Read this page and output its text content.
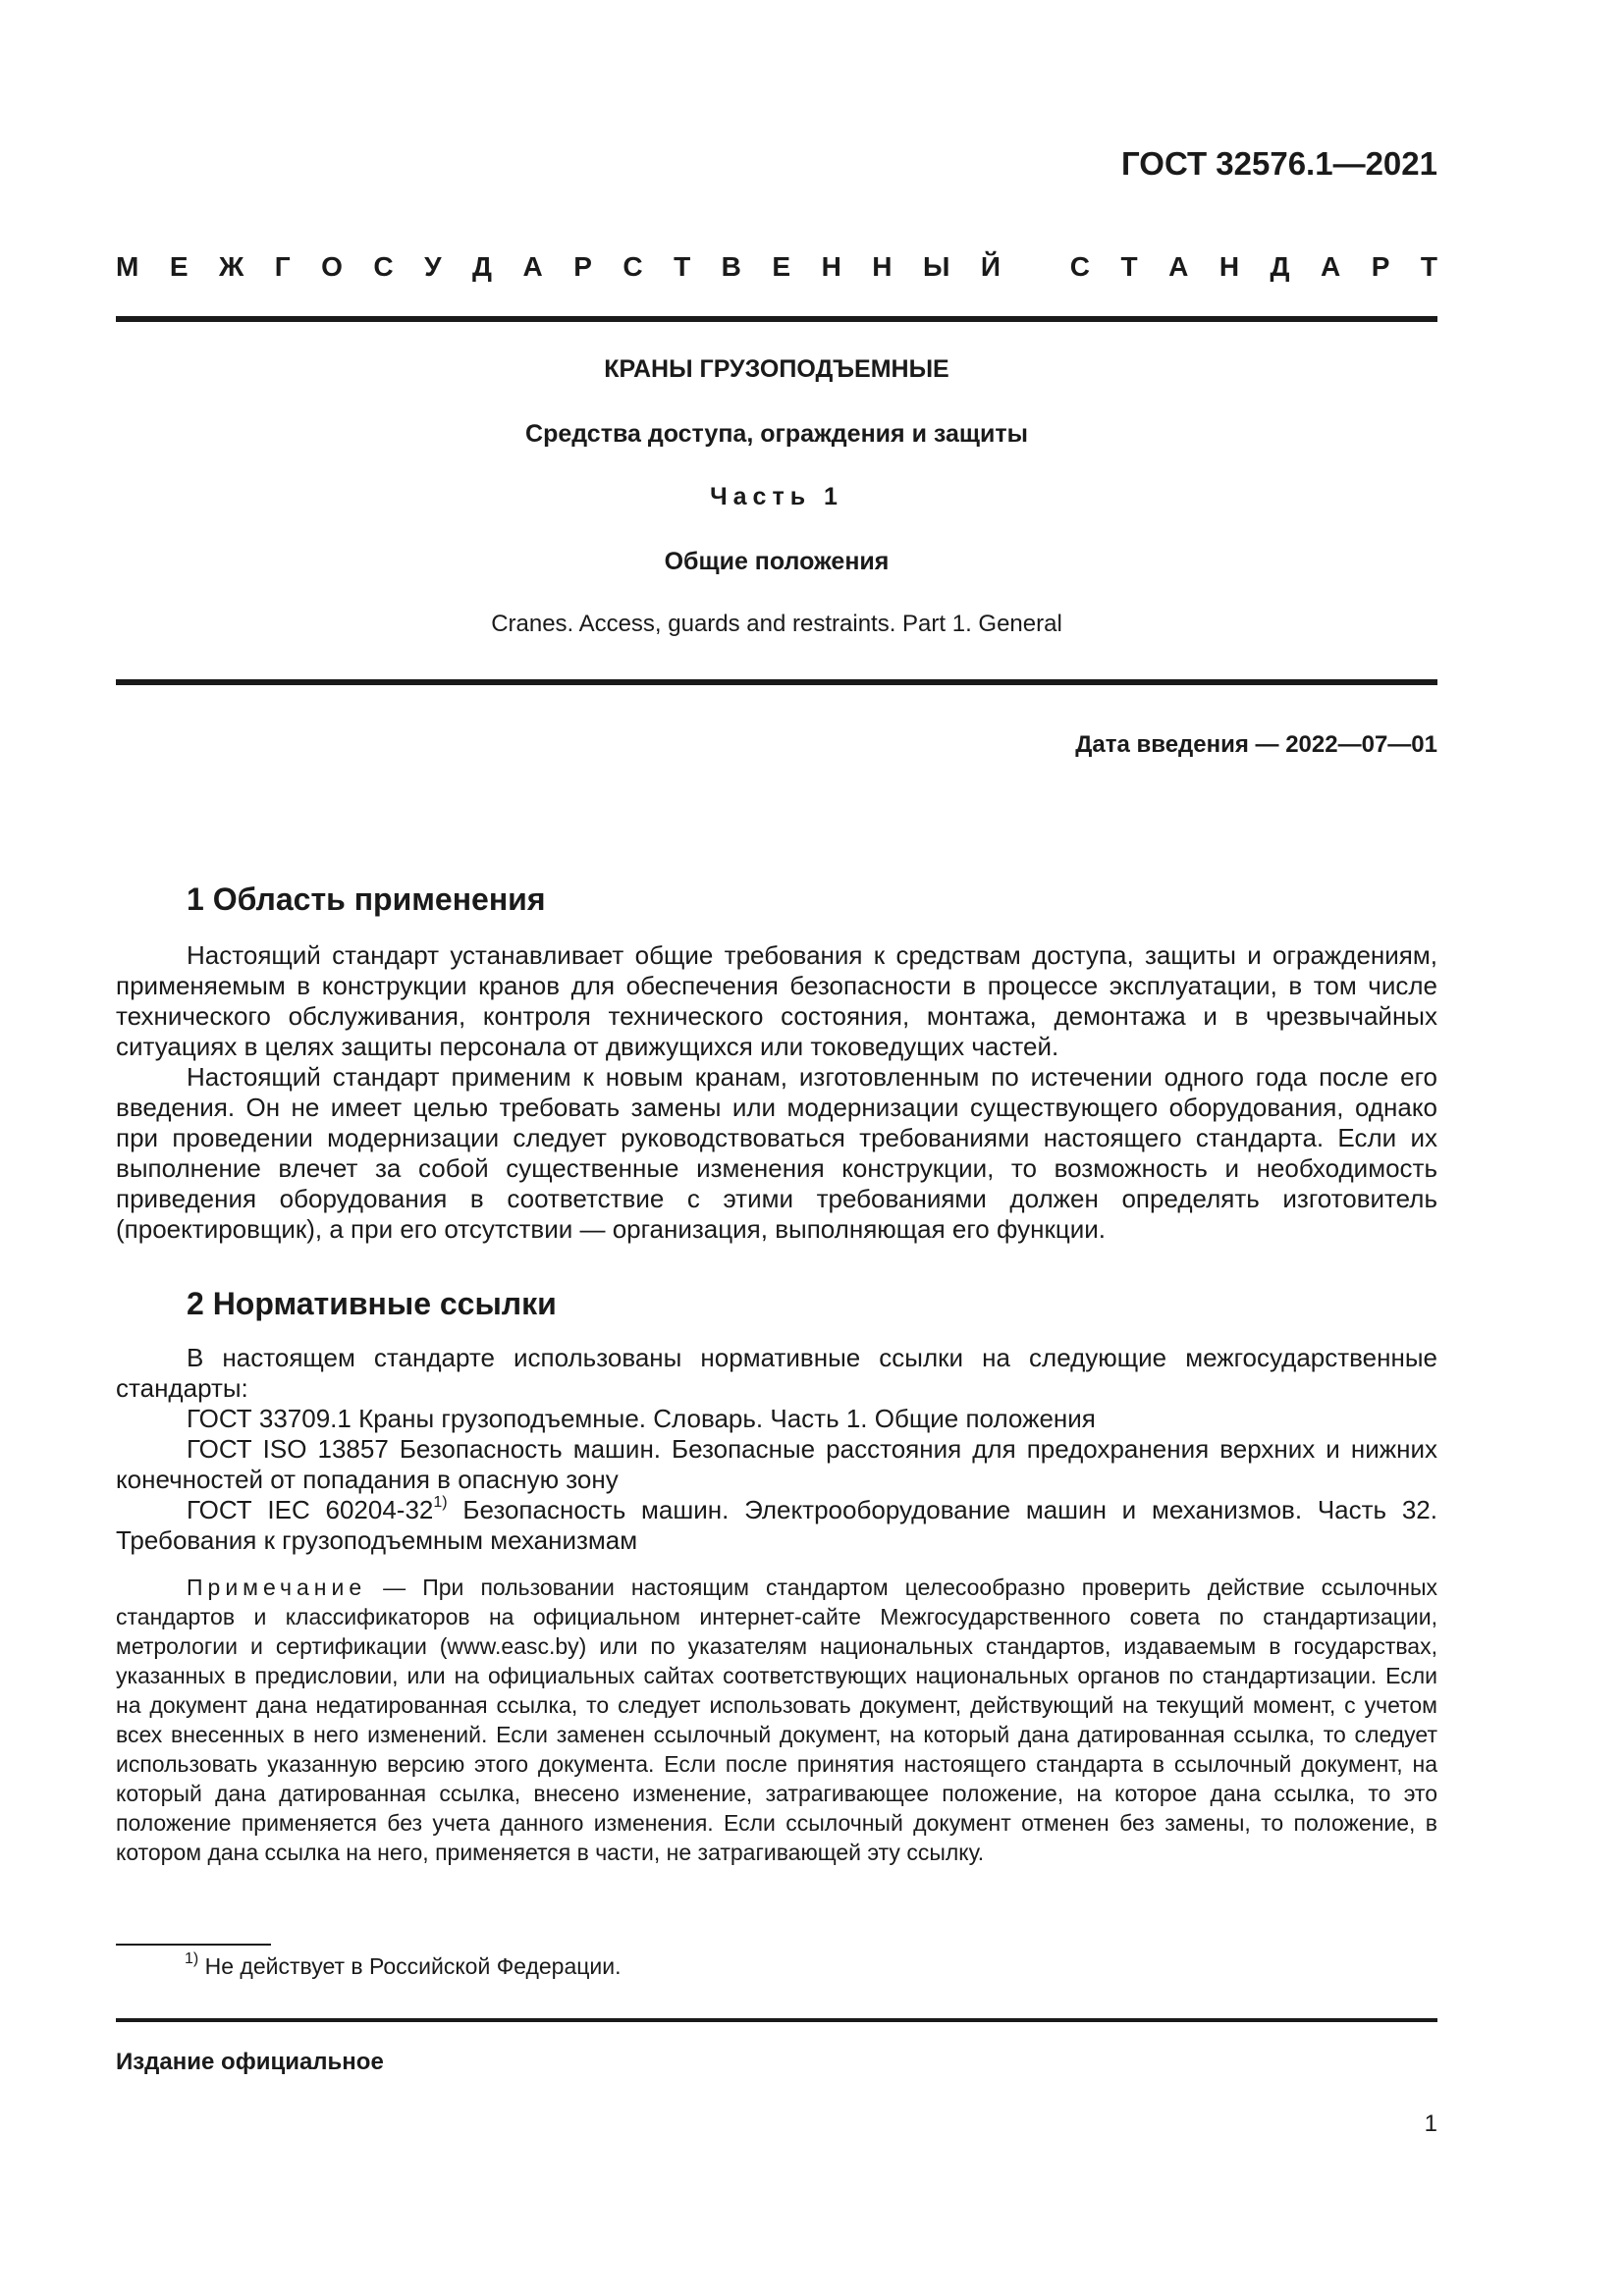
ГОСТ 32576.1—2021
М Е Ж Г О С У Д А Р С Т В Е Н Н Ы Й
	С Т А Н Д А Р Т
КРАНЫ ГРУЗОПОДЪЕМНЫЕ
Средства доступа, ограждения и защиты
Часть 1
Общие положения
Cranes. Access, guards and restraints. Part 1. General
Дата введения — 2022—07—01
1 Область применения

Настоящий стандарт устанавливает общие требования к средствам доступа, защиты и ограждениям, применяемым в конструкции кранов для обеспечения безопасности в процессе эксплуатации, в том числе технического обслуживания, контроля технического состояния, монтажа, демонтажа и в чрезвычайных ситуациях в целях защиты персонала от движущихся или токоведущих частей.

Настоящий стандарт применим к новым кранам, изготовленным по истечении одного года после его введения. Он не имеет целью требовать замены или модернизации существующего оборудования, однако при проведении модернизации следует руководствоваться требованиями настоящего стандарта. Если их выполнение влечет за собой существенные изменения конструкции, то возможность и необходимость приведения оборудования в соответствие с этими требованиями должен определять изготовитель (проектировщик), а при его отсутствии — организация, выполняющая его функции.

2 Нормативные ссылки

В настоящем стандарте использованы нормативные ссылки на следующие межгосударственные стандарты:

ГОСТ 33709.1 Краны грузоподъемные. Словарь. Часть 1. Общие положения

ГОСТ ISO 13857 Безопасность машин. Безопасные расстояния для предохранения верхних и нижних конечностей от попадания в опасную зону

ГОСТ IEC 60204-32$^{1)}$ Безопасность машин. Электрооборудование машин и механизмов. Часть 32. Требования к грузоподъемным механизмам

Примечание — При пользовании настоящим стандартом целесообразно проверить действие ссылочных стандартов и классификаторов на официальном интернет-сайте Межгосударственного совета по стандартизации, метрологии и сертификации (www.easc.by) или по указателям национальных стандартов, издаваемым в государствах, указанных в предисловии, или на официальных сайтах соответствующих национальных органов по стандартизации. Если на документ дана недатированная ссылка, то следует использовать документ, действующий на текущий момент, с учетом всех внесенных в него изменений. Если заменен ссылочный документ, на который дана датированная ссылка, то следует использовать указанную версию этого документа. Если после принятия настоящего стандарта в ссылочный документ, на который дана датированная ссылка, внесено изменение, затрагивающее положение, на которое дана ссылка, то это положение применяется без учета данного изменения. Если ссылочный документ отменен без замены, то положение, в котором дана ссылка на него, применяется в части, не затрагивающей эту ссылку.

$^{1)}$ Не действует в Российской Федерации.
Издание официальное
1
